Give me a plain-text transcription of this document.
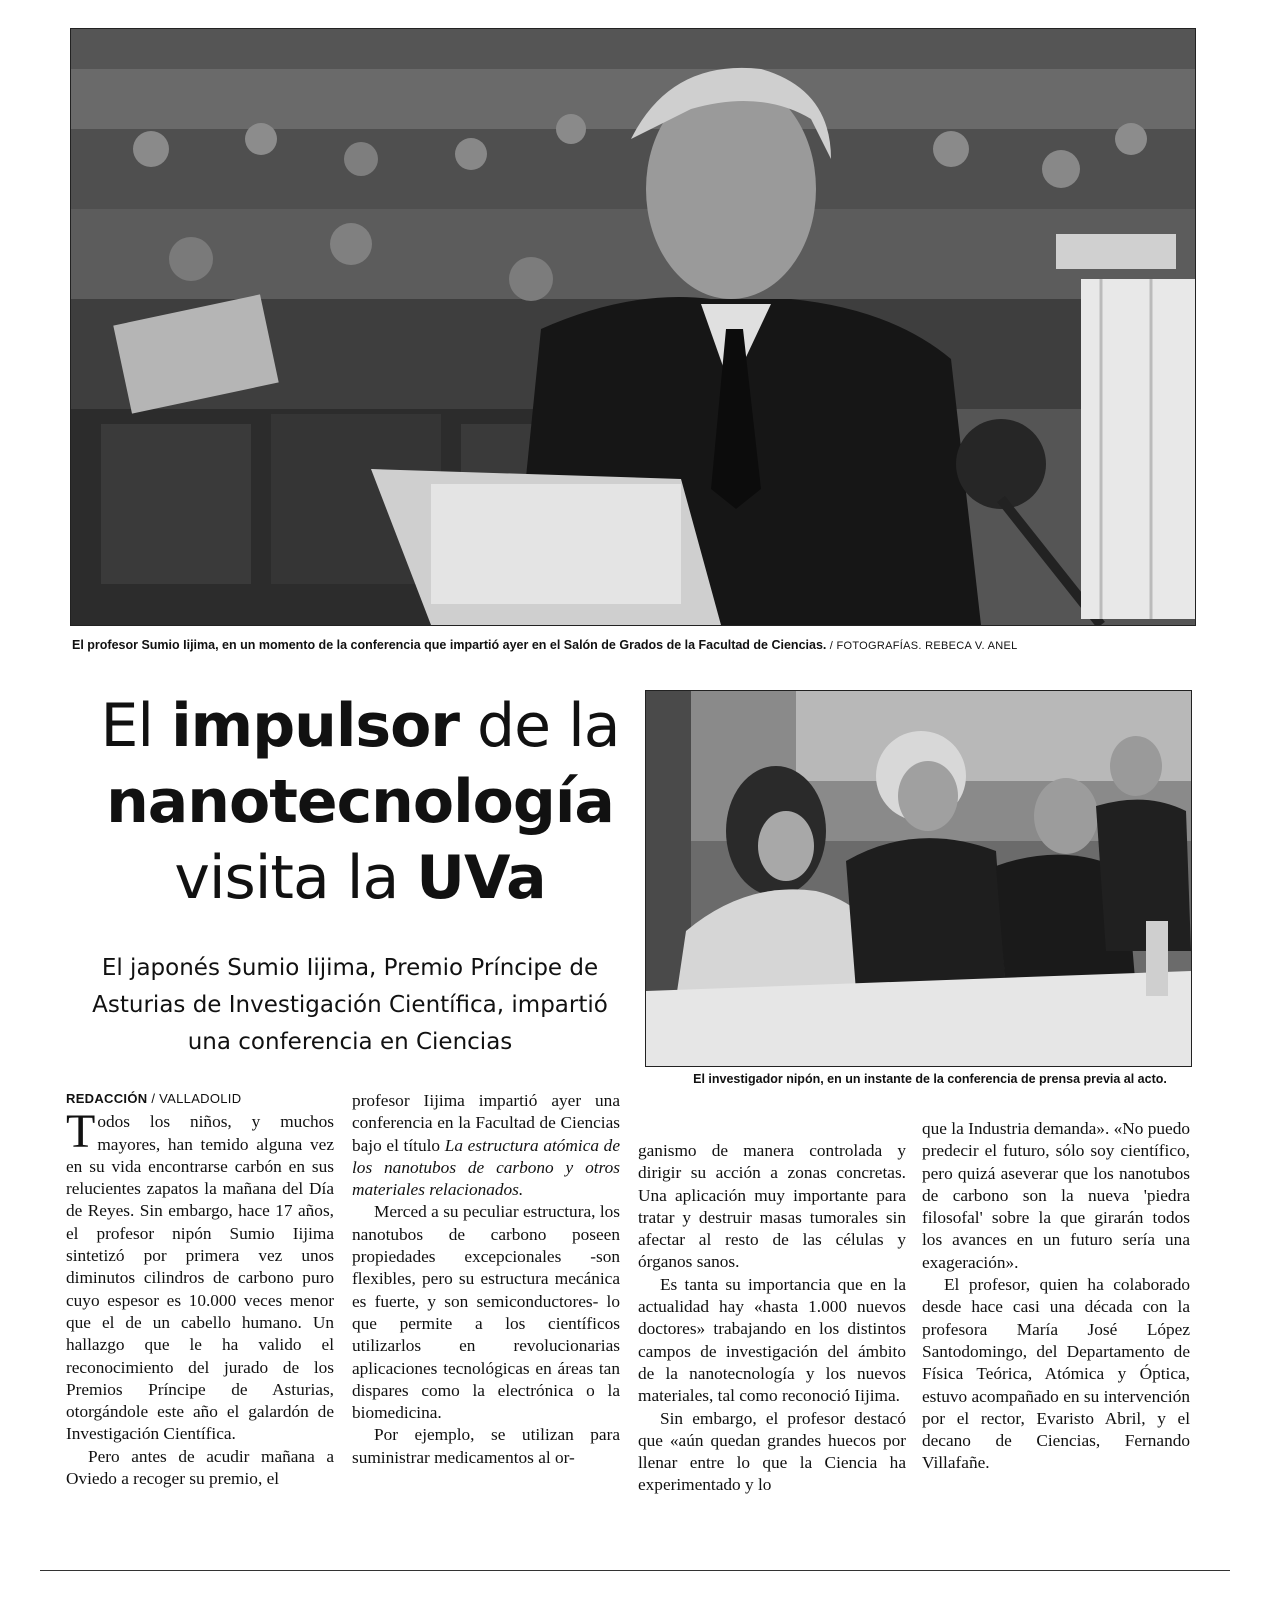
El profesor Sumio Iijima, en un momento de la conferencia que impartió ayer en el Salón de Grados de la Facultad de Ciencias. / FOTOGRAFÍAS. REBECA V. ANEL
El impulsor de la
nanotecnología
visita la UVa
El japonés Sumio Iijima, Premio Príncipe de Asturias de Investigación Científica, impartió una conferencia en Ciencias
El investigador nipón, en un instante de la conferencia de prensa previa al acto.
REDACCIÓN / VALLADOLID

Todos los niños, y muchos mayores, han temido alguna vez en su vida encontrarse carbón en sus relucientes zapatos la mañana del Día de Reyes. Sin embargo, hace 17 años, el profesor nipón Sumio Iijima sintetizó por primera vez unos diminutos cilindros de carbono puro cuyo espesor es 10.000 veces menor que el de un cabello humano. Un hallazgo que le ha valido el reconocimiento del jurado de los Premios Príncipe de Asturias, otorgándole este año el galardón de Investigación Científica.

Pero antes de acudir mañana a Oviedo a recoger su premio, el

profesor Iijima impartió ayer una conferencia en la Facultad de Ciencias bajo el título La estructura atómica de los nanotubos de carbono y otros materiales relacionados.

Merced a su peculiar estructura, los nanotubos de carbono poseen propiedades excepcionales -son flexibles, pero su estructura mecánica es fuerte, y son semiconductores- lo que permite a los científicos utilizarlos en revolucionarias aplicaciones tecnológicas en áreas tan dispares como la electrónica o la biomedicina.

Por ejemplo, se utilizan para suministrar medicamentos al or-

ganismo de manera controlada y dirigir su acción a zonas concretas. Una aplicación muy importante para tratar y destruir masas tumorales sin afectar al resto de las células y órganos sanos.

Es tanta su importancia que en la actualidad hay «hasta 1.000 nuevos doctores» trabajando en los distintos campos de investigación del ámbito de la nanotecnología y los nuevos materiales, tal como reconoció Iijima.

Sin embargo, el profesor destacó que «aún quedan grandes huecos por llenar entre lo que la Ciencia ha experimentado y lo

que la Industria demanda». «No puedo predecir el futuro, sólo soy científico, pero quizá aseverar que los nanotubos de carbono son la nueva 'piedra filosofal' sobre la que girarán todos los avances en un futuro sería una exageración».

El profesor, quien ha colaborado desde hace casi una década con la profesora María José López Santodomingo, del Departamento de Física Teórica, Atómica y Óptica, estuvo acompañado en su intervención por el rector, Evaristo Abril, y el decano de Ciencias, Fernando Villafañe.
